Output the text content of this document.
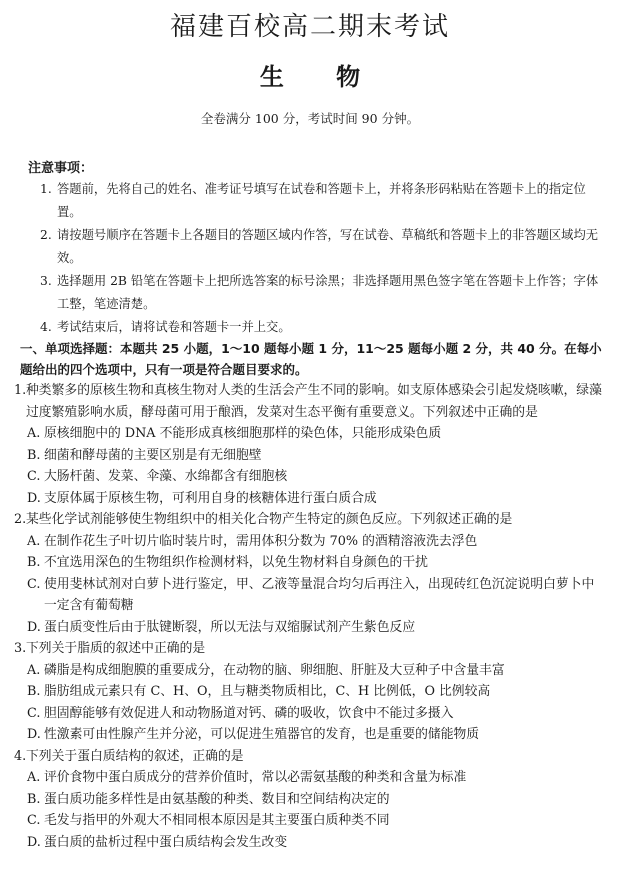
福建百校高二期末考试
生 物
全卷满分 100 分，考试时间 90 分钟。
注意事项：
1. 答题前，先将自己的姓名、准考证号填写在试卷和答题卡上，并将条形码粘贴在答题卡上的指定位置。
2. 请按题号顺序在答题卡上各题目的答题区域内作答，写在试卷、草稿纸和答题卡上的非答题区域均无效。
3. 选择题用 2B 铅笔在答题卡上把所选答案的标号涂黑；非选择题用黑色签字笔在答题卡上作答；字体工整，笔迹清楚。
4. 考试结束后，请将试卷和答题卡一并上交。
一、单项选择题：本题共 25 小题，1～10 题每小题 1 分，11～25 题每小题 2 分，共 40 分。在每小题给出的四个选项中，只有一项是符合题目要求的。
1. 种类繁多的原核生物和真核生物对人类的生活会产生不同的影响。如支原体感染会引起发烧咳嗽，绿藻过度繁殖影响水质，酵母菌可用于酿酒，发菜对生态平衡有重要意义。下列叙述中正确的是
A. 原核细胞中的 DNA 不能形成真核细胞那样的染色体，只能形成染色质
B. 细菌和酵母菌的主要区别是有无细胞壁
C. 大肠杆菌、发菜、伞藻、水绵都含有细胞核
D. 支原体属于原核生物，可利用自身的核糖体进行蛋白质合成
2. 某些化学试剂能够使生物组织中的相关化合物产生特定的颜色反应。下列叙述正确的是
A. 在制作花生子叶切片临时装片时，需用体积分数为 70% 的酒精溶液洗去浮色
B. 不宜选用深色的生物组织作检测材料，以免生物材料自身颜色的干扰
C. 使用斐林试剂对白萝卜进行鉴定，甲、乙液等量混合均匀后再注入，出现砖红色沉淀说明白萝卜中一定含有葡萄糖
D. 蛋白质变性后由于肽键断裂，所以无法与双缩脲试剂产生紫色反应
3. 下列关于脂质的叙述中正确的是
A. 磷脂是构成细胞膜的重要成分，在动物的脑、卵细胞、肝脏及大豆种子中含量丰富
B. 脂肪组成元素只有 C、H、O，且与糖类物质相比，C、H 比例低，O 比例较高
C. 胆固醇能够有效促进人和动物肠道对钙、磷的吸收，饮食中不能过多摄入
D. 性激素可由性腺产生并分泌，可以促进生殖器官的发育，也是重要的储能物质
4. 下列关于蛋白质结构的叙述，正确的是
A. 评价食物中蛋白质成分的营养价值时，常以必需氨基酸的种类和含量为标准
B. 蛋白质功能多样性是由氨基酸的种类、数目和空间结构决定的
C. 毛发与指甲的外观大不相同根本原因是其主要蛋白质种类不同
D. 蛋白质的盐析过程中蛋白质结构会发生改变
